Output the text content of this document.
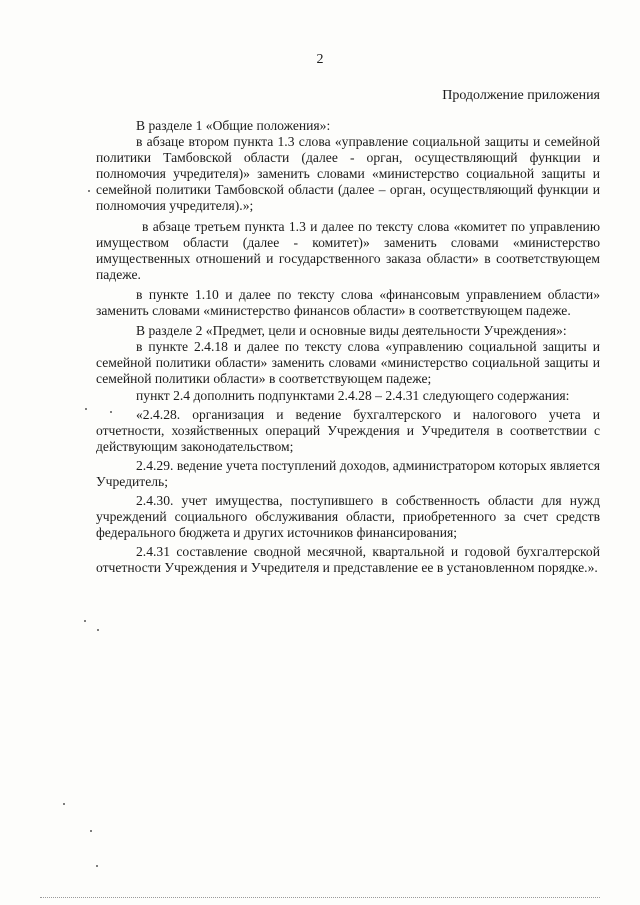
2
Продолжение приложения

В разделе 1 «Общие положения»:

в абзаце втором пункта 1.3 слова «управление социальной защиты и семейной политики Тамбовской области (далее - орган, осуществляющий функции и полномочия учредителя)» заменить словами «министерство социальной защиты и семейной политики Тамбовской области (далее – орган, осуществляющий функции и полномочия учредителя).»;

в абзаце третьем пункта 1.3 и далее по тексту слова «комитет по управлению имуществом области (далее - комитет)» заменить словами «министерство имущественных отношений и государственного заказа области» в соответствующем падеже.

в пункте 1.10 и далее по тексту слова «финансовым управлением области» заменить словами «министерство финансов области» в соответствующем падеже.

В разделе 2 «Предмет, цели и основные виды деятельности Учреждения»:

в пункте 2.4.18 и далее по тексту слова «управлению социальной защиты и семейной политики области» заменить словами «министерство социальной защиты и семейной политики области» в соответствующем падеже;

пункт 2.4 дополнить подпунктами 2.4.28 – 2.4.31 следующего содержания:

«2.4.28. организация и ведение бухгалтерского и налогового учета и отчетности, хозяйственных операций Учреждения и Учредителя в соответствии с действующим законодательством;

2.4.29. ведение учета поступлений доходов, администратором которых является Учредитель;

2.4.30. учет имущества, поступившего в собственность области для нужд учреждений социального обслуживания области, приобретенного за счет средств федерального бюджета и других источников финансирования;

2.4.31 составление сводной месячной, квартальной и годовой бухгалтерской отчетности Учреждения и Учредителя и представление ее в установленном порядке.».
